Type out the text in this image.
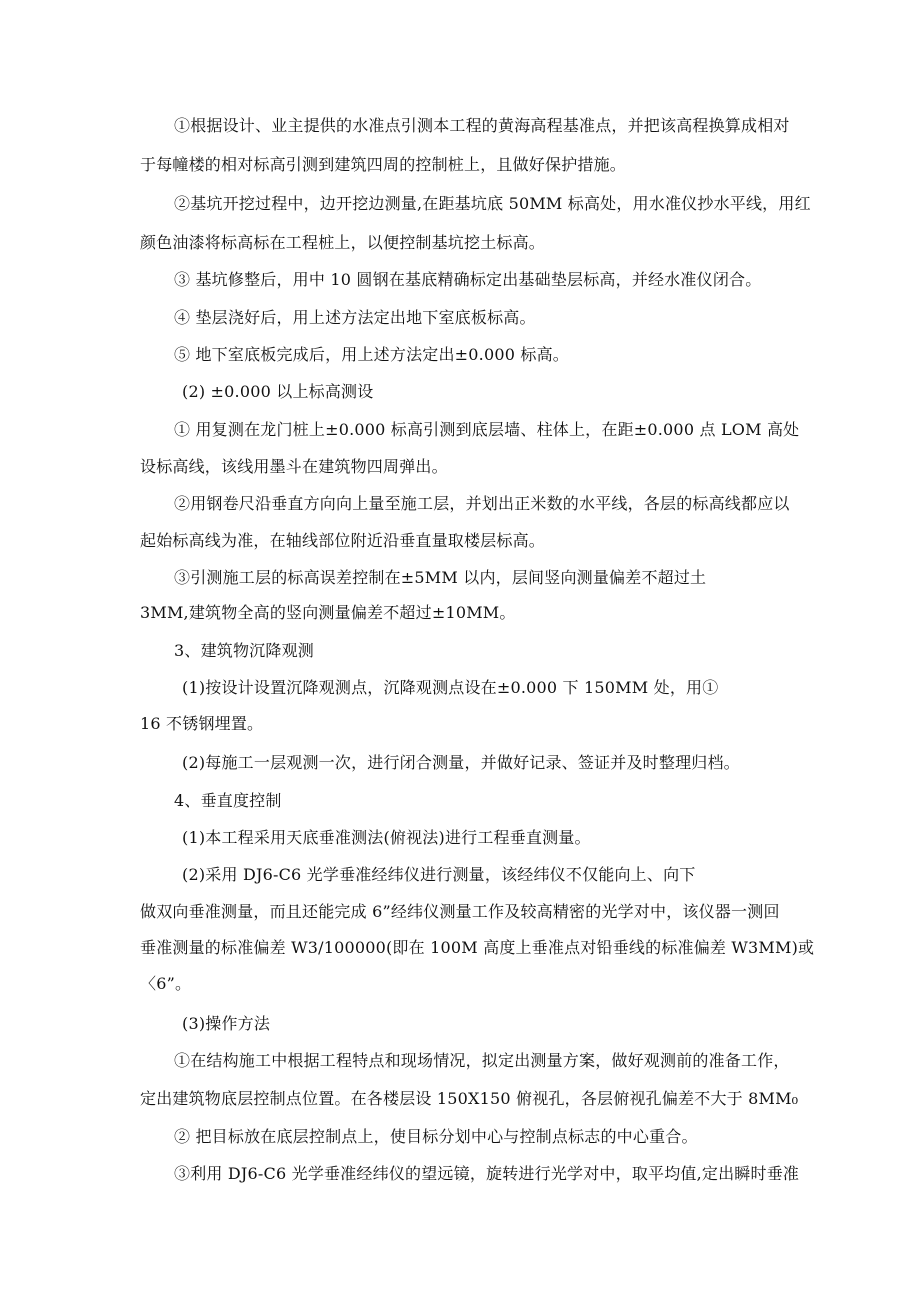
①根据设计、业主提供的水准点引测本工程的黄海高程基准点，并把该高程换算成相对
于每幢楼的相对标高引测到建筑四周的控制桩上，且做好保护措施。
②基坑开挖过程中，边开挖边测量,在距基坑底 50MM 标高处，用水准仪抄水平线，用红
颜色油漆将标高标在工程桩上，以便控制基坑挖土标高。
③ 基坑修整后，用中 10 圆钢在基底精确标定出基础垫层标高，并经水准仪闭合。
④ 垫层浇好后，用上述方法定出地下室底板标高。
⑤ 地下室底板完成后，用上述方法定出±0.000 标高。
(2) ±0.000 以上标高测设
① 用复测在龙门桩上±0.000 标高引测到底层墙、柱体上，在距±0.000 点 LOM 高处
设标高线，该线用墨斗在建筑物四周弹出。
②用钢卷尺沿垂直方向向上量至施工层，并划出正米数的水平线，各层的标高线都应以
起始标高线为准，在轴线部位附近沿垂直量取楼层标高。
③引测施工层的标高误差控制在±5MM 以内，层间竖向测量偏差不超过土
3MM,建筑物全高的竖向测量偏差不超过±10MM。
3、建筑物沉降观测
(1)按设计设置沉降观测点，沉降观测点设在±0.000 下 150MM 处，用①
16 不锈钢埋置。
(2)每施工一层观测一次，进行闭合测量，并做好记录、签证并及时整理归档。
4、垂直度控制
(1)本工程采用天底垂准测法(俯视法)进行工程垂直测量。
(2)采用 DJ6-C6 光学垂准经纬仪进行测量，该经纬仪不仅能向上、向下
做双向垂准测量，而且还能完成 6”经纬仪测量工作及较高精密的光学对中，该仪器一测回
垂准测量的标准偏差 W3/100000(即在 100M 高度上垂准点对铅垂线的标准偏差 W3MM)或
〈6”。
(3)操作方法
①在结构施工中根据工程特点和现场情况，拟定出测量方案，做好观测前的准备工作，
定出建筑物底层控制点位置。在各楼层设 150X150 俯视孔，各层俯视孔偏差不大于 8MM₀
② 把目标放在底层控制点上，使目标分划中心与控制点标志的中心重合。
③利用 DJ6-C6 光学垂准经纬仪的望远镜，旋转进行光学对中，取平均值,定出瞬时垂准
